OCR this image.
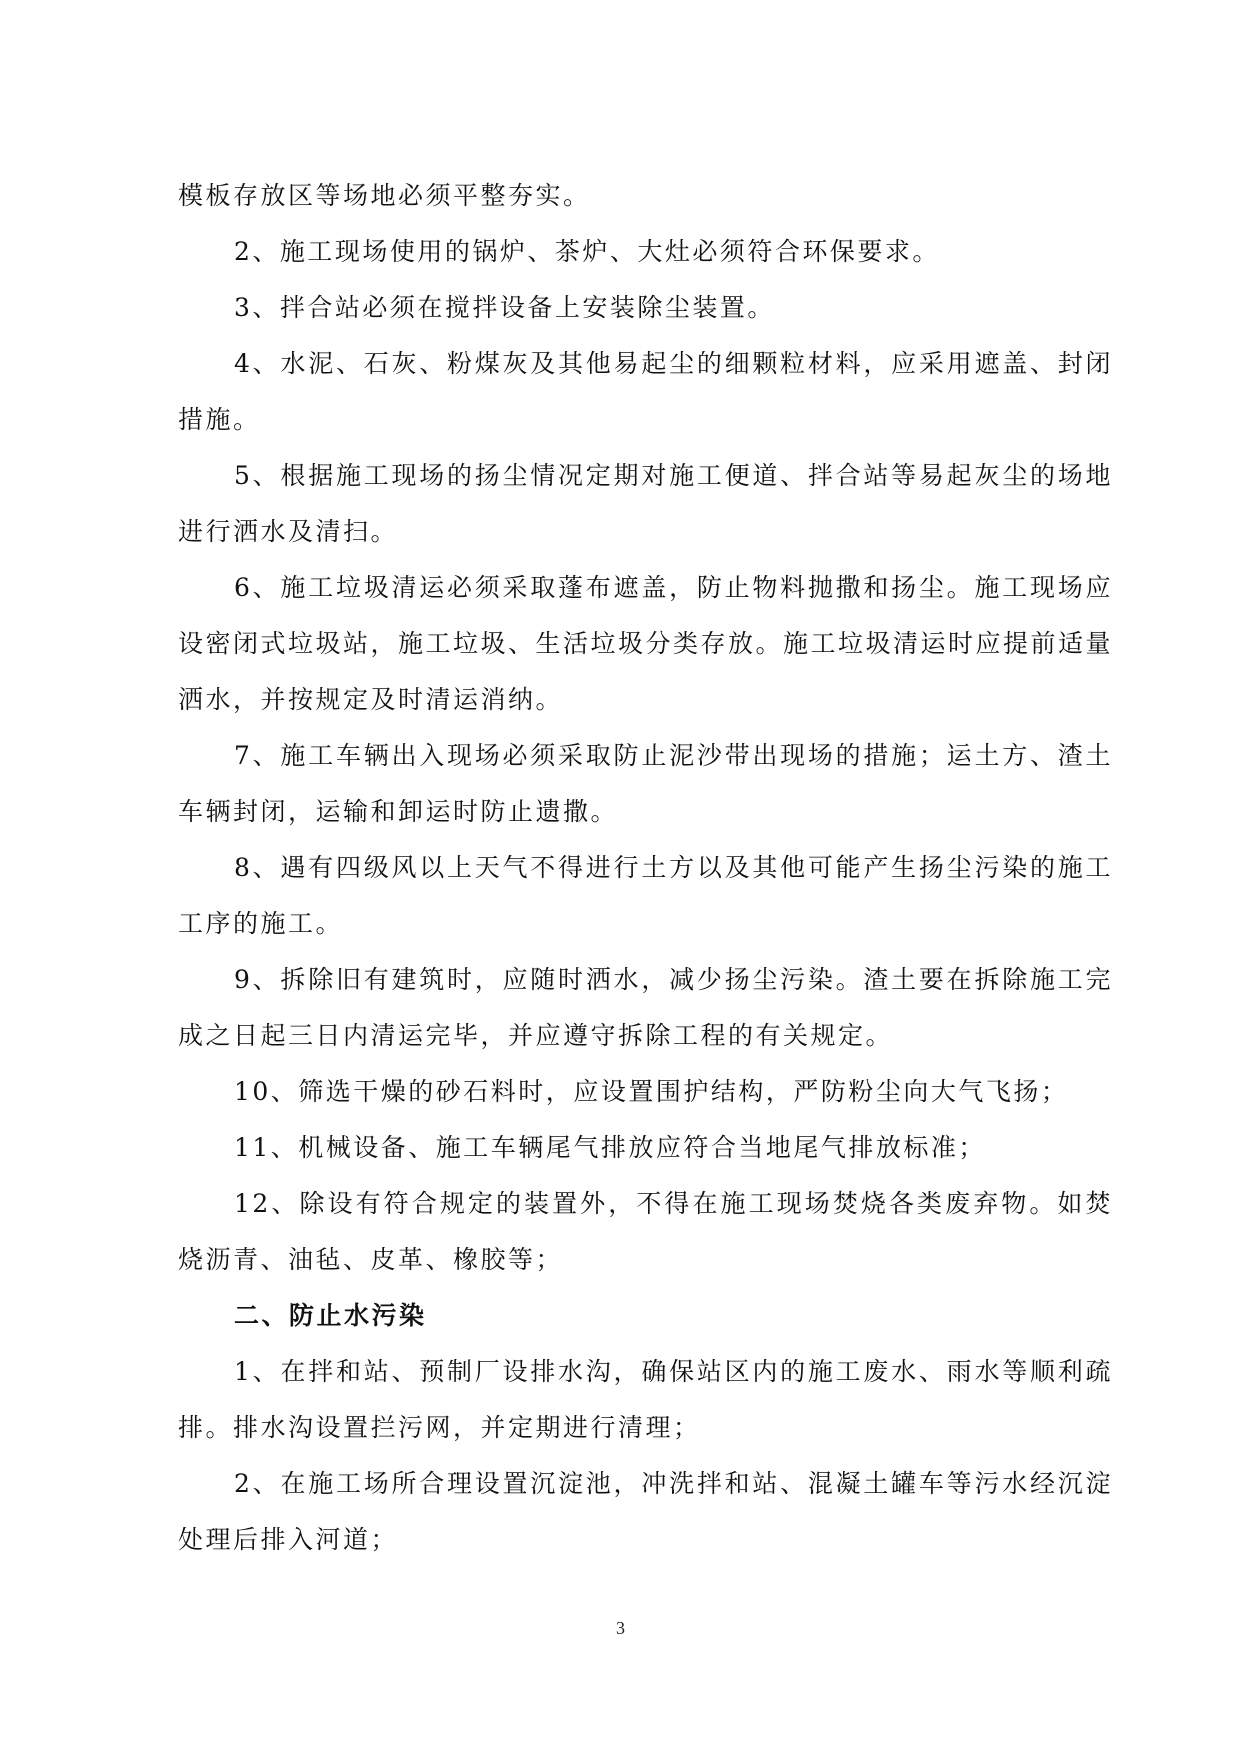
模板存放区等场地必须平整夯实。

2、施工现场使用的锅炉、茶炉、大灶必须符合环保要求。

3、拌合站必须在搅拌设备上安装除尘装置。

4、水泥、石灰、粉煤灰及其他易起尘的细颗粒材料，应采用遮盖、封闭措施。

5、根据施工现场的扬尘情况定期对施工便道、拌合站等易起灰尘的场地进行洒水及清扫。

6、施工垃圾清运必须采取蓬布遮盖，防止物料抛撒和扬尘。施工现场应设密闭式垃圾站，施工垃圾、生活垃圾分类存放。施工垃圾清运时应提前适量洒水，并按规定及时清运消纳。

7、施工车辆出入现场必须采取防止泥沙带出现场的措施；运土方、渣土车辆封闭，运输和卸运时防止遗撒。

8、遇有四级风以上天气不得进行土方以及其他可能产生扬尘污染的施工工序的施工。

9、拆除旧有建筑时，应随时洒水，减少扬尘污染。渣土要在拆除施工完成之日起三日内清运完毕，并应遵守拆除工程的有关规定。

10、筛选干燥的砂石料时，应设置围护结构，严防粉尘向大气飞扬；

11、机械设备、施工车辆尾气排放应符合当地尾气排放标准；

12、除设有符合规定的装置外，不得在施工现场焚烧各类废弃物。如焚烧沥青、油毡、皮革、橡胶等；

二、防止水污染

1、在拌和站、预制厂设排水沟，确保站区内的施工废水、雨水等顺利疏排。排水沟设置拦污网，并定期进行清理；

2、在施工场所合理设置沉淀池，冲洗拌和站、混凝土罐车等污水经沉淀处理后排入河道；

3
